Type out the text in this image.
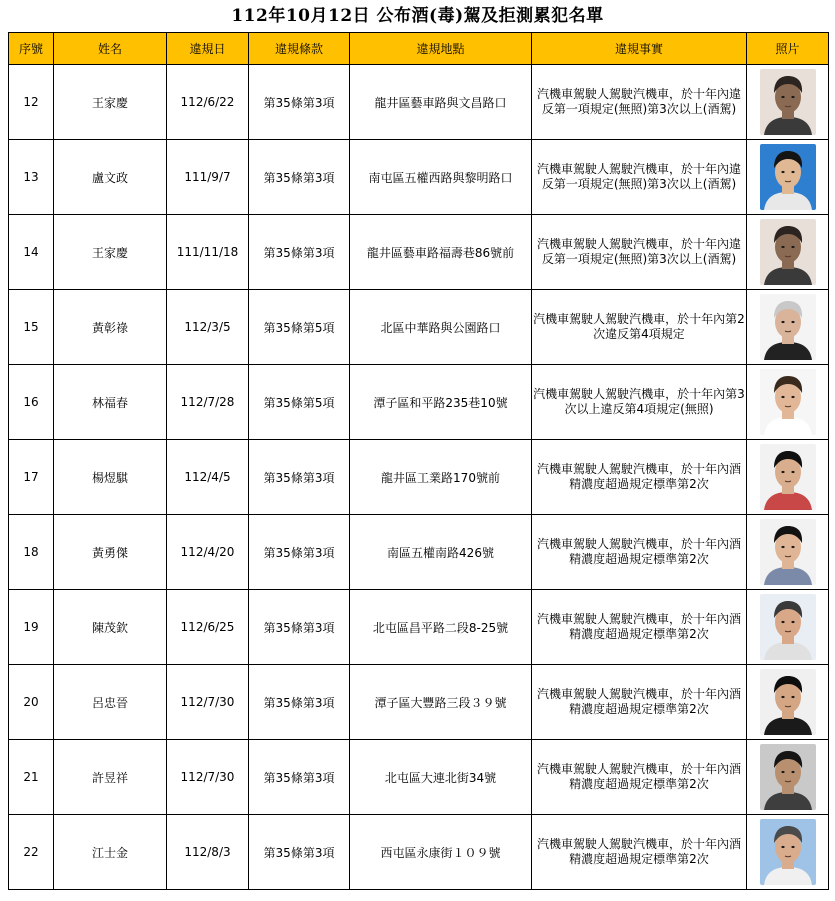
112年10月12日 公布酒(毒)駕及拒測累犯名單
序號	姓名	違規日	違規條款	違規地點	違規事實	照片
12	王家慶	112/6/22	第35條第3項	龍井區藝車路與文昌路口	汽機車駕駛人駕駛汽機車，於十年內違反第一項規定(無照)第3次以上(酒駕)	

13	盧文政	111/9/7	第35條第3項	南屯區五權西路與黎明路口	汽機車駕駛人駕駛汽機車，於十年內違反第一項規定(無照)第3次以上(酒駕)	

14	王家慶	111/11/18	第35條第3項	龍井區藝車路福壽巷86號前	汽機車駕駛人駕駛汽機車，於十年內違反第一項規定(無照)第3次以上(酒駕)	

15	黃彰祿	112/3/5	第35條第5項	北區中華路與公園路口	汽機車駕駛人駕駛汽機車，於十年內第2次違反第4項規定	

16	林福春	112/7/28	第35條第5項	潭子區和平路235巷10號	汽機車駕駛人駕駛汽機車，於十年內第3次以上違反第4項規定(無照)	

17	楊煜騏	112/4/5	第35條第3項	龍井區工業路170號前	汽機車駕駛人駕駛汽機車，於十年內酒精濃度超過規定標準第2次	

18	黃勇傑	112/4/20	第35條第3項	南區五權南路426號	汽機車駕駛人駕駛汽機車，於十年內酒精濃度超過規定標準第2次	

19	陳茂欽	112/6/25	第35條第3項	北屯區昌平路二段8-25號	汽機車駕駛人駕駛汽機車，於十年內酒精濃度超過規定標準第2次	

20	呂忠晉	112/7/30	第35條第3項	潭子區大豐路三段３９號	汽機車駕駛人駕駛汽機車，於十年內酒精濃度超過規定標準第2次	

21	許昱祥	112/7/30	第35條第3項	北屯區大連北街34號	汽機車駕駛人駕駛汽機車，於十年內酒精濃度超過規定標準第2次	

22	江士金	112/8/3	第35條第3項	西屯區永康街１０９號	汽機車駕駛人駕駛汽機車，於十年內酒精濃度超過規定標準第2次	
